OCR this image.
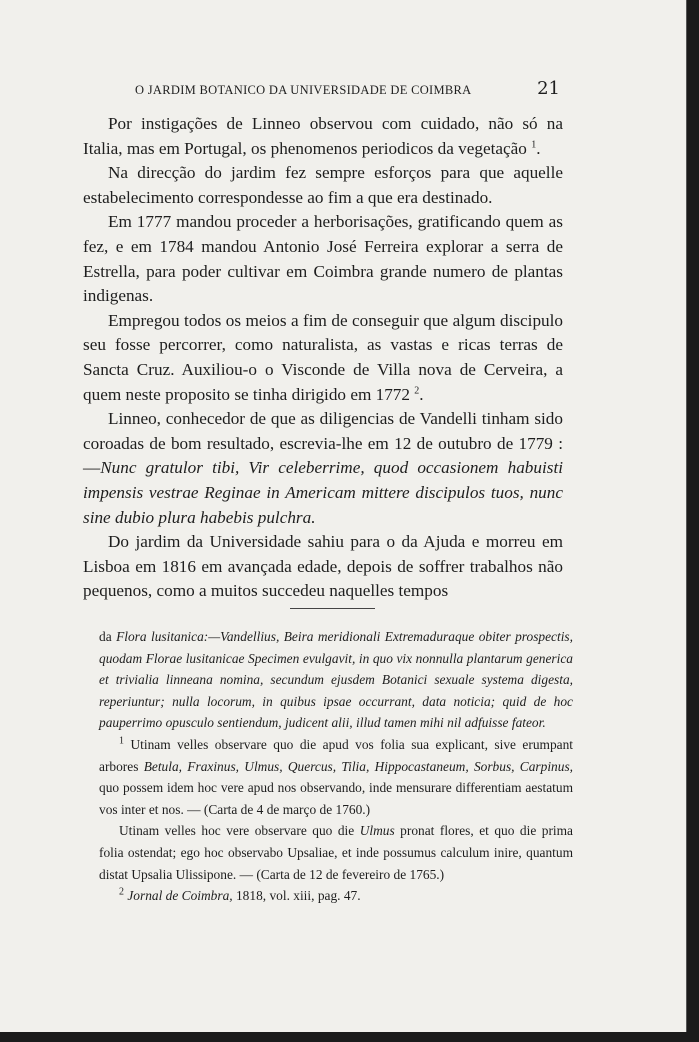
O JARDIM BOTANICO DA UNIVERSIDADE DE COIMBRA	21

Por instigações de Linneo observou com cuidado, não só na Italia, mas em Portugal, os phenomenos periodicos da vegetação $^1$.

Na direcção do jardim fez sempre esforços para que aquelle estabelecimento correspondesse ao fim a que era destinado.

Em 1777 mandou proceder a herborisações, gratificando quem as fez, e em 1784 mandou Antonio José Ferreira explorar a serra de Estrella, para poder cultivar em Coimbra grande numero de plantas indigenas.

Empregou todos os meios a fim de conseguir que algum discipulo seu fosse percorrer, como naturalista, as vastas e ricas terras de Sancta Cruz. Auxiliou-o o Visconde de Villa nova de Cerveira, a quem neste proposito se tinha dirigido em 1772 $^2$.

Linneo, conhecedor de que as diligencias de Vandelli tinham sido coroadas de bom resultado, escrevia-lhe em 12 de outubro de 1779 : —Nunc gratulor tibi, Vir celeberrime, quod occasionem habuisti impensis vestrae Reginae in Americam mittere discipulos tuos, nunc sine dubio plura habebis pulchra.

Do jardim da Universidade sahiu para o da Ajuda e morreu em Lisboa em 1816 em avançada edade, depois de soffrer trabalhos não pequenos, como a muitos succedeu naquelles tempos

da Flora lusitanica:—Vandellius, Beira meridionali Extremaduraque obiter prospectis, quodam Florae lusitanicae Specimen evulgavit, in quo vix nonnulla plantarum generica et trivialia linneana nomina, secundum ejusdem Botanici sexuale systema digesta, reperiuntur; nulla locorum, in quibus ipsae occurrant, data noticia; quid de hoc pauperrimo opusculo sentiendum, judicent alii, illud tamen mihi nil adfuisse fateor.

$^1$ Utinam velles observare quo die apud vos folia sua explicant, sive erumpant arbores Betula, Fraxinus, Ulmus, Quercus, Tilia, Hippocastaneum, Sorbus, Carpinus, quo possem idem hoc vere apud nos observando, inde mensurare differentiam aestatum vos inter et nos. — (Carta de 4 de março de 1760.)

Utinam velles hoc vere observare quo die Ulmus pronat flores, et quo die prima folia ostendat; ego hoc observabo Upsaliae, et inde possumus calculum inire, quantum distat Upsalia Ulissipone. — (Carta de 12 de fevereiro de 1765.)

$^2$ Jornal de Coimbra, 1818, vol. xiii, pag. 47.
